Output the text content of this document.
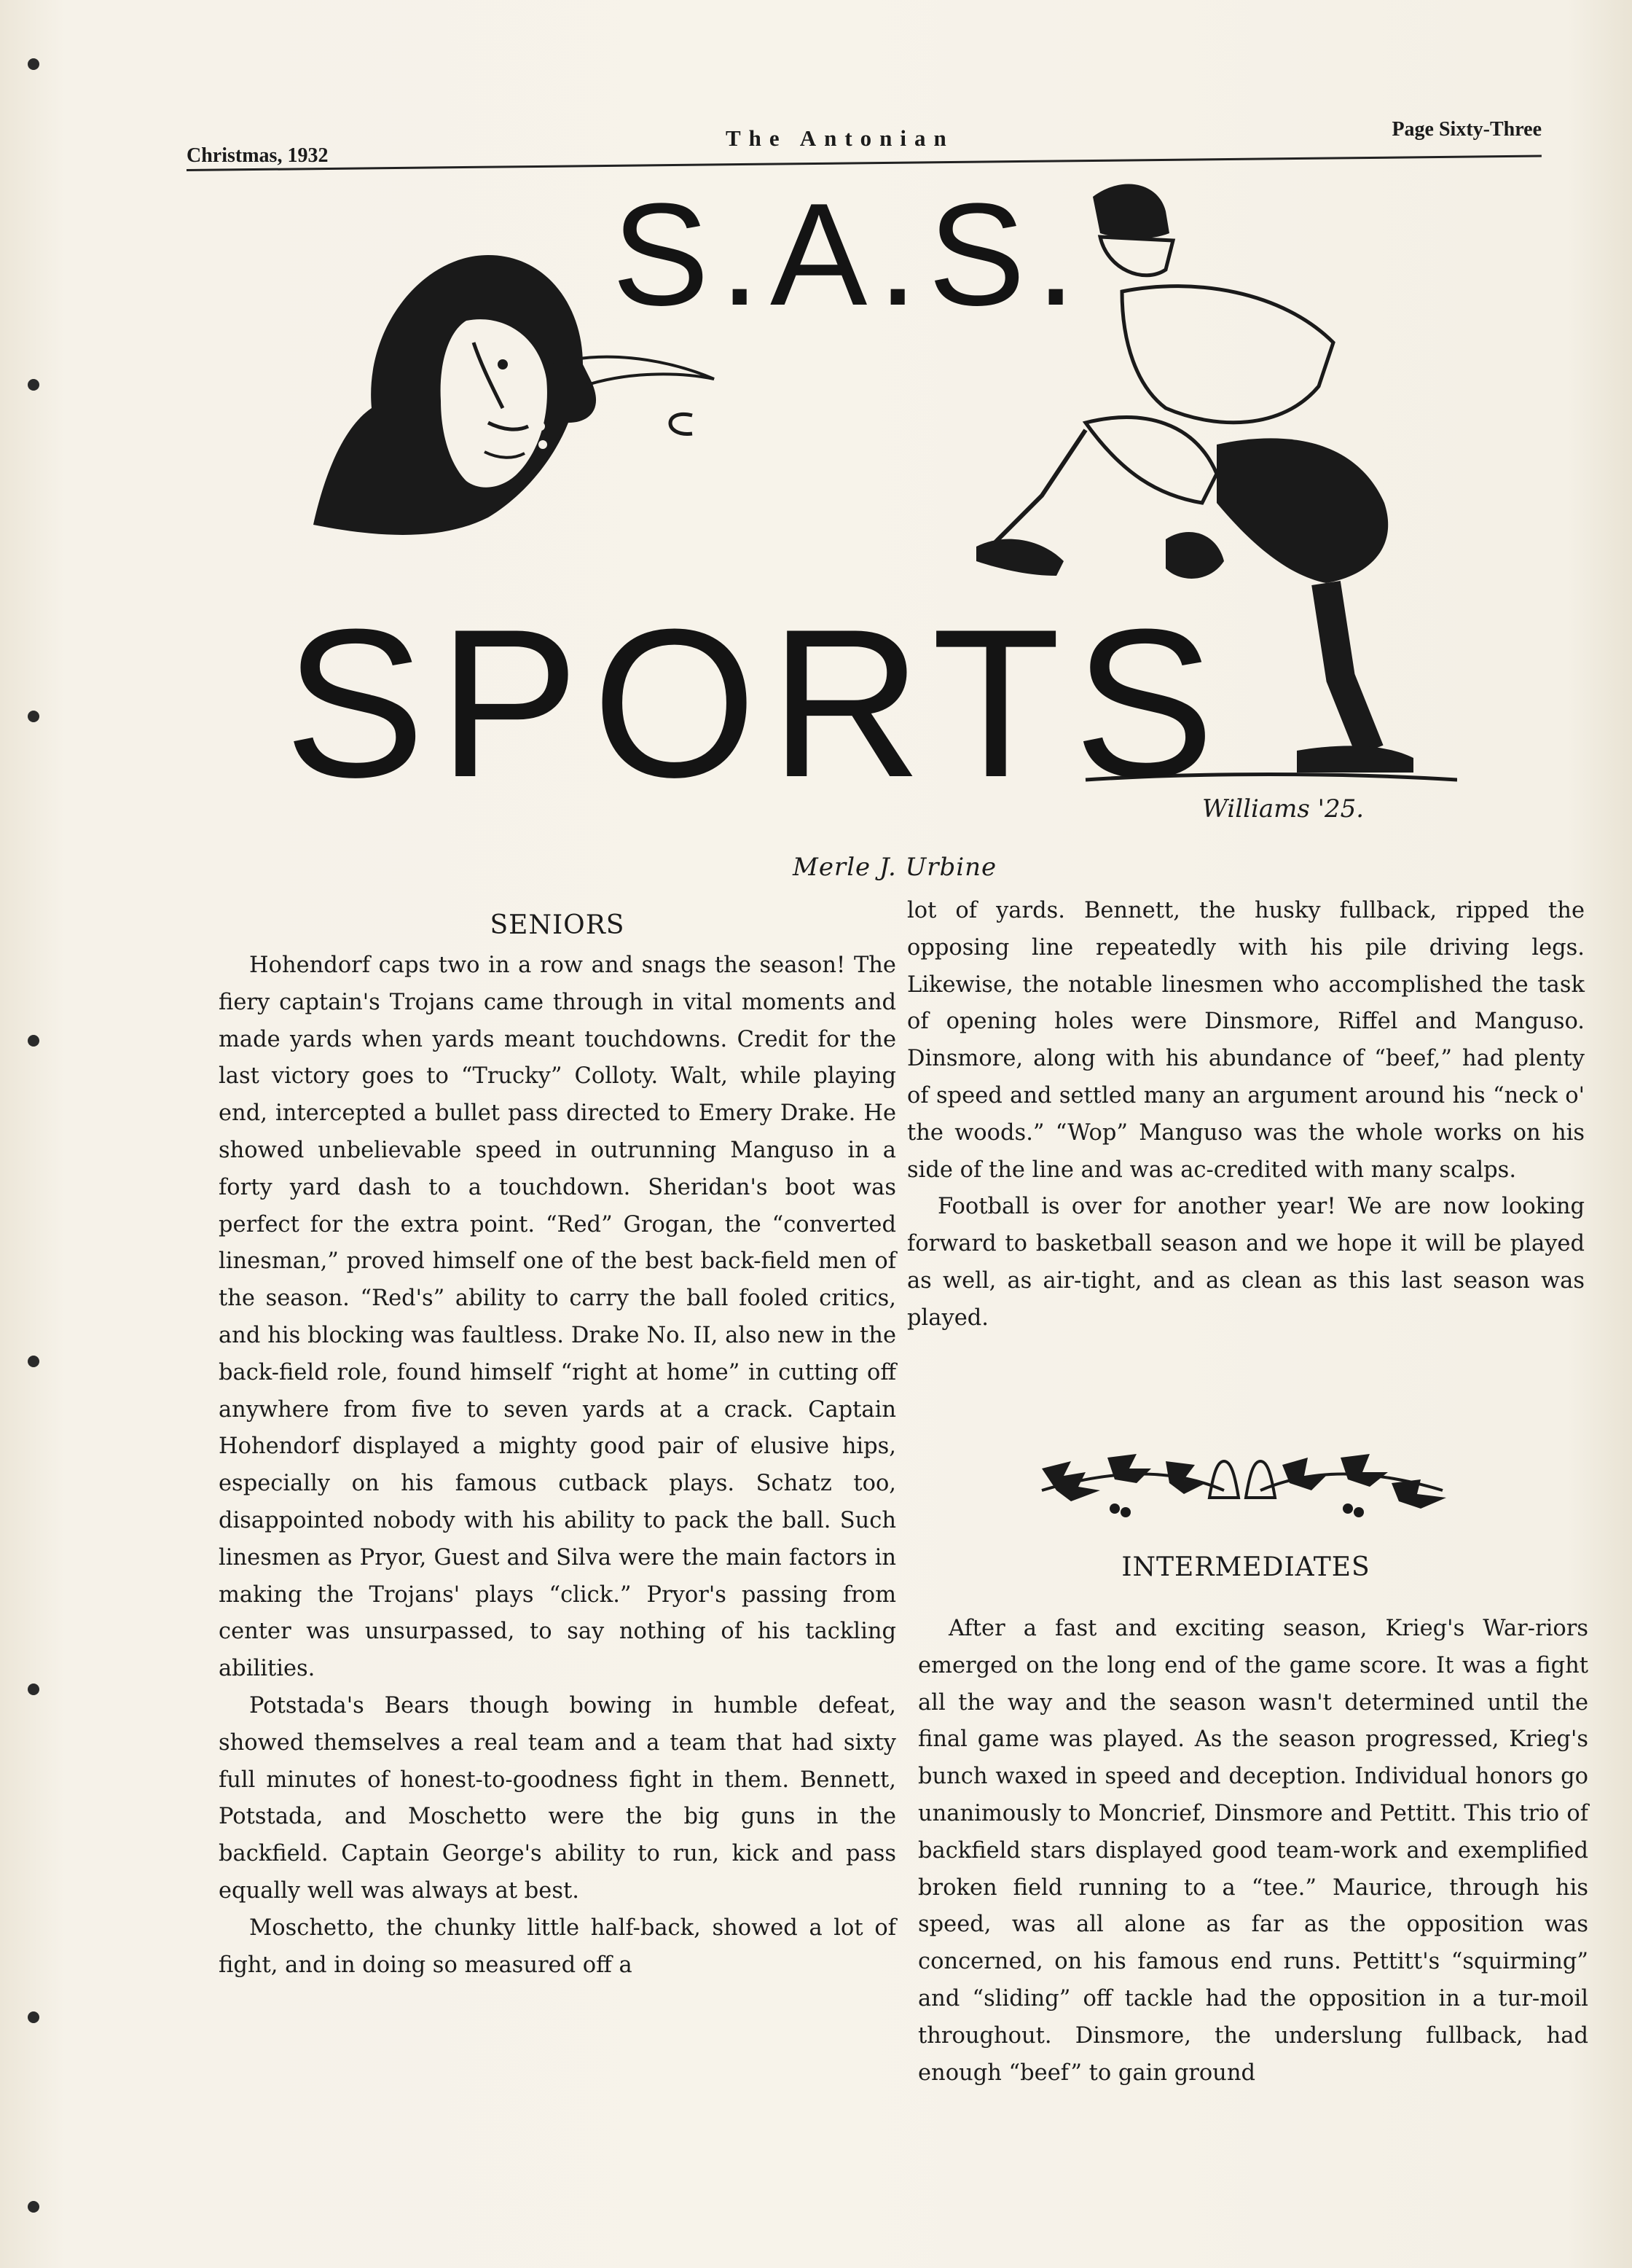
Christmas, 1932
The Antonian	Page Sixty-Three
S.A.S.
SPORTS
Williams '25.
Merle J. Urbine
SENIORS

Hohendorf caps two in a row and snags the season! The fiery captain's Trojans came through in vital moments and made yards when yards meant touchdowns. Credit for the last victory goes to “Trucky” Colloty. Walt, while playing end, intercepted a bullet pass directed to Emery Drake. He showed unbelievable speed in outrunning Manguso in a forty yard dash to a touchdown. Sheridan's boot was perfect for the extra point. “Red” Grogan, the “converted linesman,” proved himself one of the best back-field men of the season. “Red's” ability to carry the ball fooled critics, and his blocking was faultless. Drake No. II, also new in the back-field role, found himself “right at home” in cutting off anywhere from five to seven yards at a crack. Captain Hohendorf displayed a mighty good pair of elusive hips, especially on his famous cutback plays. Schatz too, disappointed nobody with his ability to pack the ball. Such linesmen as Pryor, Guest and Silva were the main factors in making the Trojans' plays “click.” Pryor's passing from center was unsurpassed, to say nothing of his tackling abilities.

Potstada's Bears though bowing in humble defeat, showed themselves a real team and a team that had sixty full minutes of honest-to-goodness fight in them. Bennett, Potstada, and Moschetto were the big guns in the backfield. Captain George's ability to run, kick and pass equally well was always at best.

Moschetto, the chunky little half-back, showed a lot of fight, and in doing so measured off a

lot of yards. Bennett, the husky fullback, ripped the opposing line repeatedly with his pile driving legs. Likewise, the notable linesmen who accomplished the task of opening holes were Dinsmore, Riffel and Manguso. Dinsmore, along with his abundance of “beef,” had plenty of speed and settled many an argument around his “neck o' the woods.” “Wop” Manguso was the whole works on his side of the line and was ac-credited with many scalps.

Football is over for another year! We are now looking forward to basketball season and we hope it will be played as well, as air-tight, and as clean as this last season was played.

INTERMEDIATES

After a fast and exciting season, Krieg's War-riors emerged on the long end of the game score. It was a fight all the way and the season wasn't determined until the final game was played. As the season progressed, Krieg's bunch waxed in speed and deception. Individual honors go unanimously to Moncrief, Dinsmore and Pettitt. This trio of backfield stars displayed good team-work and exemplified broken field running to a “tee.” Maurice, through his speed, was all alone as far as the opposition was concerned, on his famous end runs. Pettitt's “squirming” and “sliding” off tackle had the opposition in a tur-moil throughout. Dinsmore, the underslung fullback, had enough “beef” to gain ground
